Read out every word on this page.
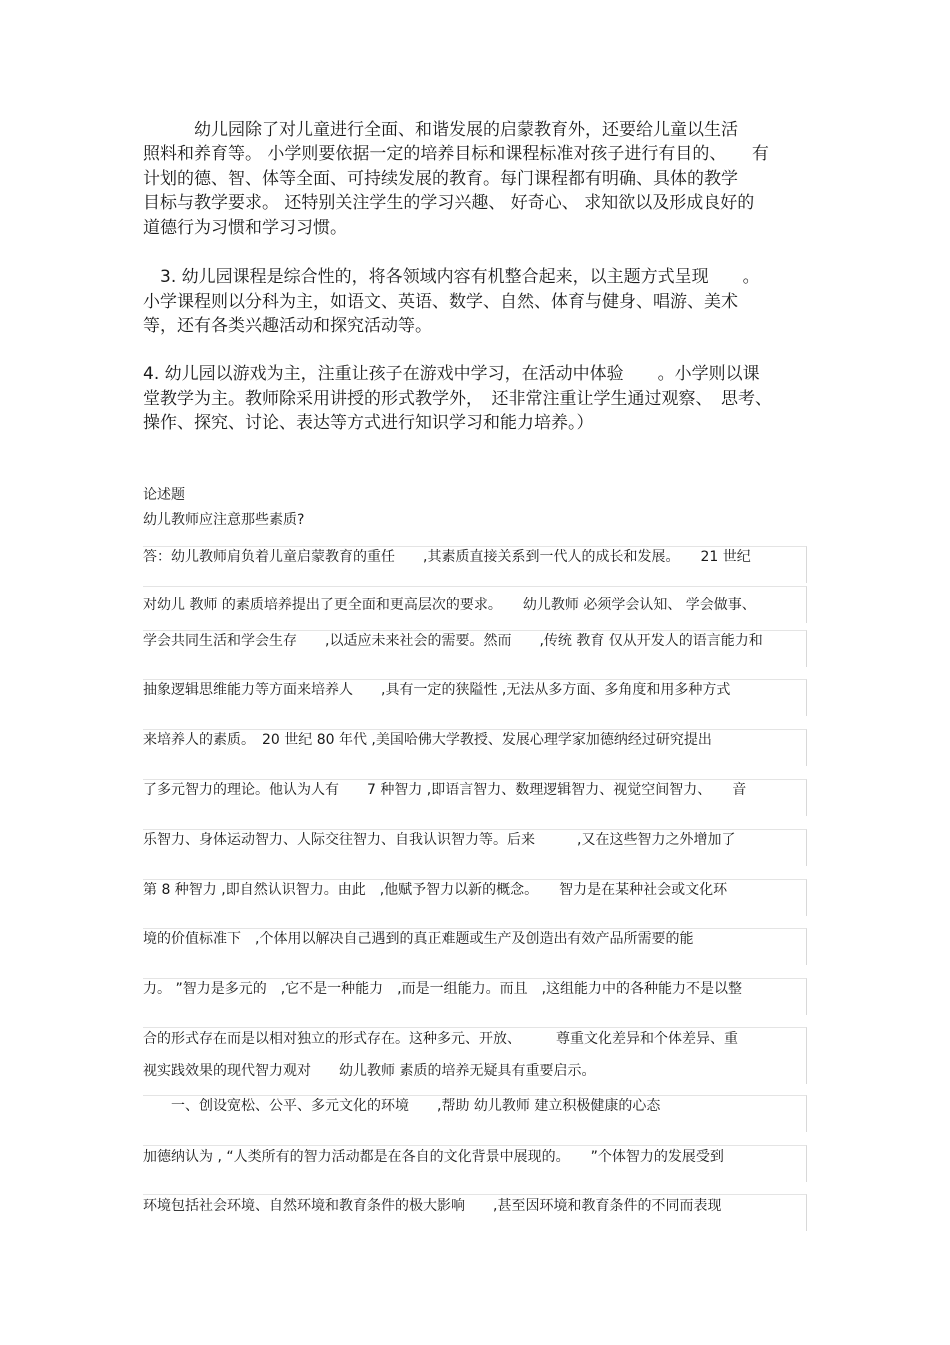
　　　幼儿园除了对儿童进行全面、和谐发展的启蒙教育外，还要给儿童以生活
照料和养育等。 小学则要依据一定的培养目标和课程标准对孩子进行有目的、　　有
计划的德、智、体等全面、可持续发展的教育。每门课程都有明确、具体的教学
目标与教学要求。 还特别关注学生的学习兴趣、 好奇心、 求知欲以及形成良好的
道德行为习惯和学习习惯。
　3. 幼儿园课程是综合性的，将各领域内容有机整合起来，以主题方式呈现　　。
小学课程则以分科为主，如语文、英语、数学、自然、体育与健身、唱游、美术
等，还有各类兴趣活动和探究活动等。
4. 幼儿园以游戏为主，注重让孩子在游戏中学习，在活动中体验　　。小学则以课
堂教学为主。教师除采用讲授的形式教学外，　还非常注重让学生通过观察、　思考、
操作、探究、讨论、表达等方式进行知识学习和能力培养。）
论述题
幼儿教师应注意那些素质?
答：幼儿教师肩负着儿童启蒙教育的重任　　,其素质直接关系到一代人的成长和发展。　　21 世纪
对幼儿 教师 的素质培养提出了更全面和更高层次的要求。　　幼儿教师 必须学会认知、 学会做事、
学会共同生活和学会生存　　,以适应未来社会的需要。然而　　,传统 教育 仅从开发人的语言能力和
抽象逻辑思维能力等方面来培养人　　,具有一定的狭隘性 ,无法从多方面、多角度和用多种方式
来培养人的素质。　20 世纪 80 年代 ,美国哈佛大学教授、发展心理学家加德纳经过研究提出
了多元智力的理论。他认为人有　　7 种智力 ,即语言智力、数理逻辑智力、视觉空间智力、　　音
乐智力、身体运动智力、人际交往智力、自我认识智力等。后来　　　,又在这些智力之外增加了
第 8 种智力 ,即自然认识智力。由此　,他赋予智力以新的概念。　　智力是在某种社会或文化环
境的价值标准下　,个体用以解决自己遇到的真正难题或生产及创造出有效产品所需要的能
力。 ”智力是多元的　,它不是一种能力　,而是一组能力。而且　,这组能力中的各种能力不是以整
合的形式存在而是以相对独立的形式存在。这种多元、开放、　　　尊重文化差异和个体差异、重
视实践效果的现代智力观对　　幼儿教师 素质的培养无疑具有重要启示。
　　一、创设宽松、公平、多元文化的环境　　,帮助 幼儿教师 建立积极健康的心态
加德纳认为 , “人类所有的智力活动都是在各自的文化背景中展现的。　　”个体智力的发展受到
环境包括社会环境、自然环境和教育条件的极大影响　　,甚至因环境和教育条件的不同而表现
